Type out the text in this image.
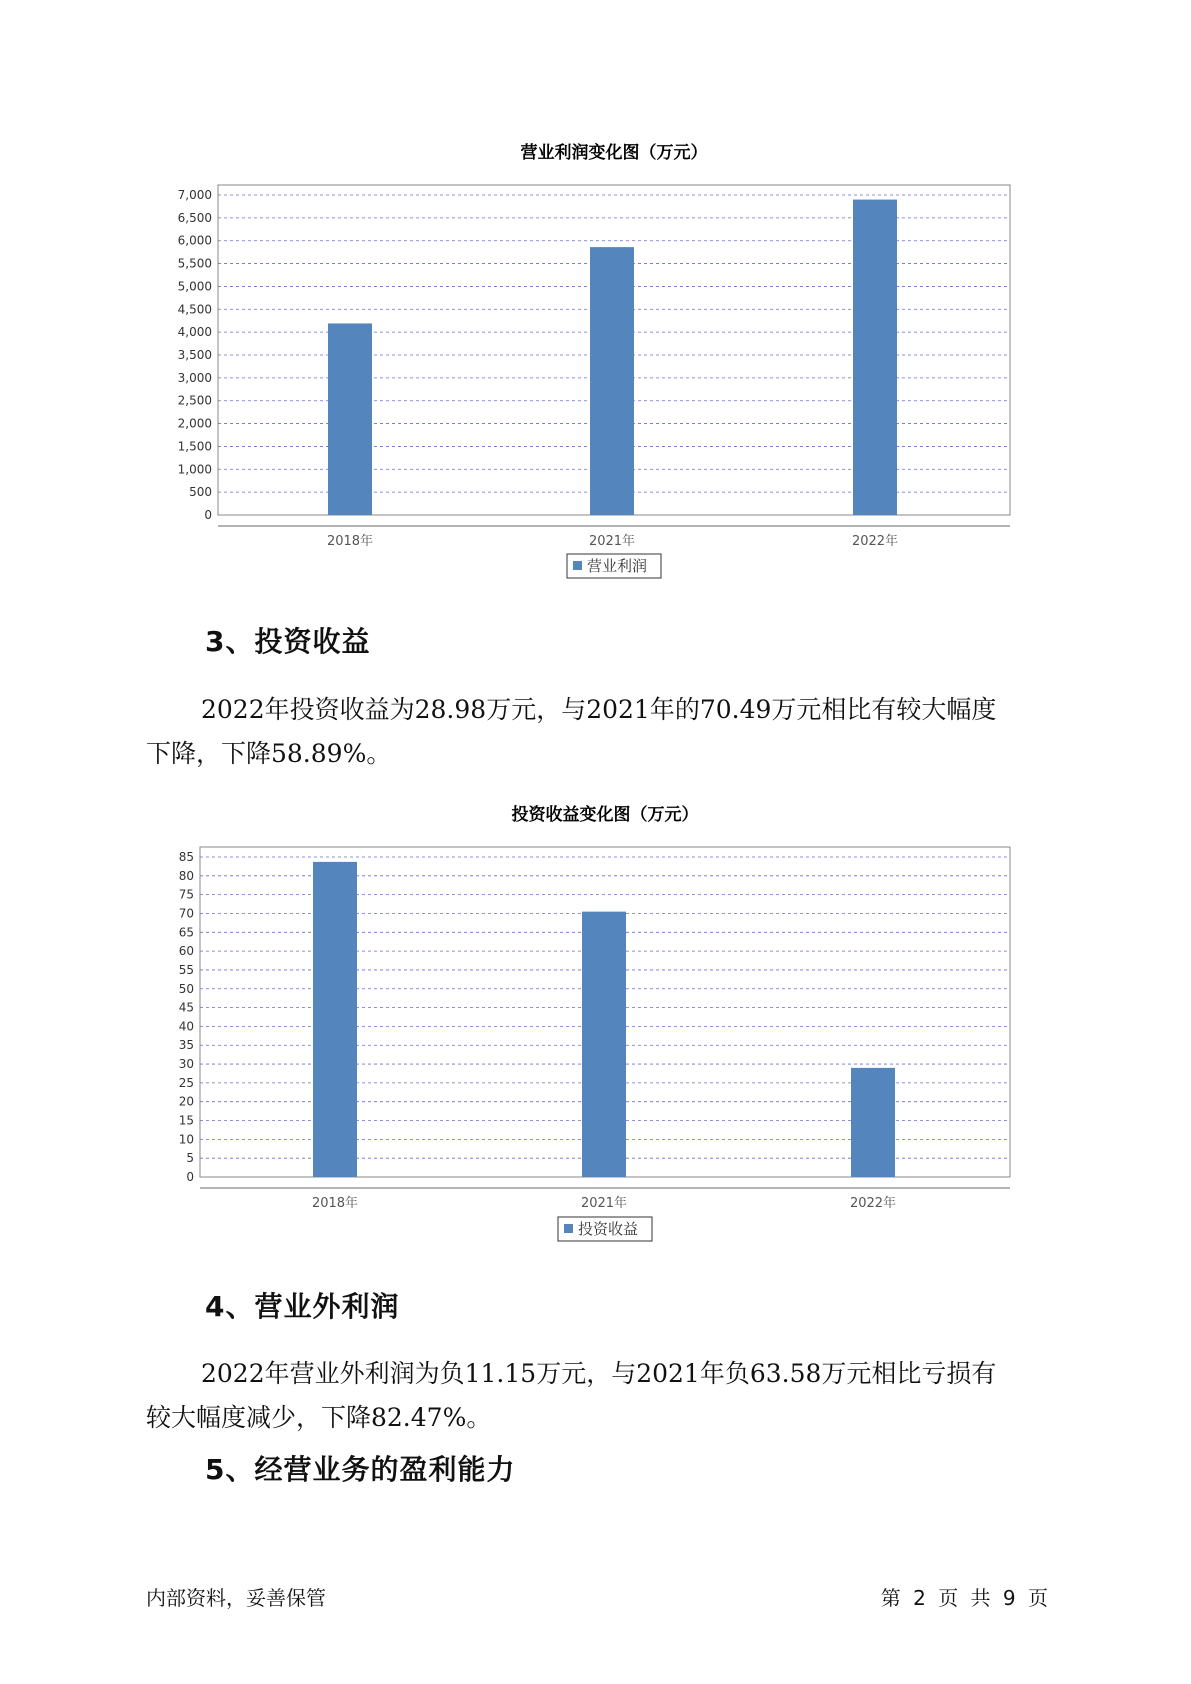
营业利润变化图（万元）
0
500
1,000
1,500
2,000
2,500
3,000
3,500
4,000
4,500
5,000
5,500
6,000
6,500
7,000
2018年	2021年	2022年
营业利润
3、投资收益
2022年投资收益为28.98万元，与2021年的70.49万元相比有较大幅度
下降，下降58.89%。
投资收益变化图（万元）
0
5
10
15
20
25
30
35
40
45
50
55
60
65
70
75
80
85
2018年	2021年	2022年
投资收益
4、营业外利润
2022年营业外利润为负11.15万元，与2021年负63.58万元相比亏损有
较大幅度减少，下降82.47%。
5、经营业务的盈利能力
内部资料，妥善保管	第 2 页 共 9 页
